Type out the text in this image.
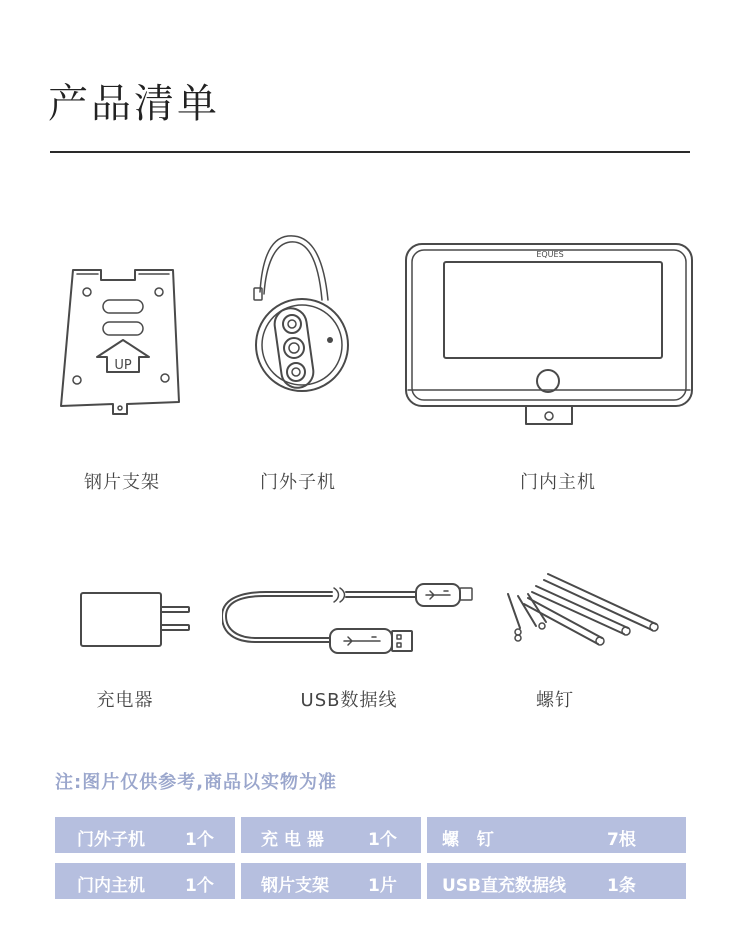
产品清单
UP
EQUES
钢片支架	门外子机	门内主机
充电器	USB数据线	螺钉
注:图片仅供参考,商品以实物为准
门外子机 1个	充 电 器	1个	螺   钉	7根
门内主机 1个	钢片支架 1片	USB直充数据线 1条
